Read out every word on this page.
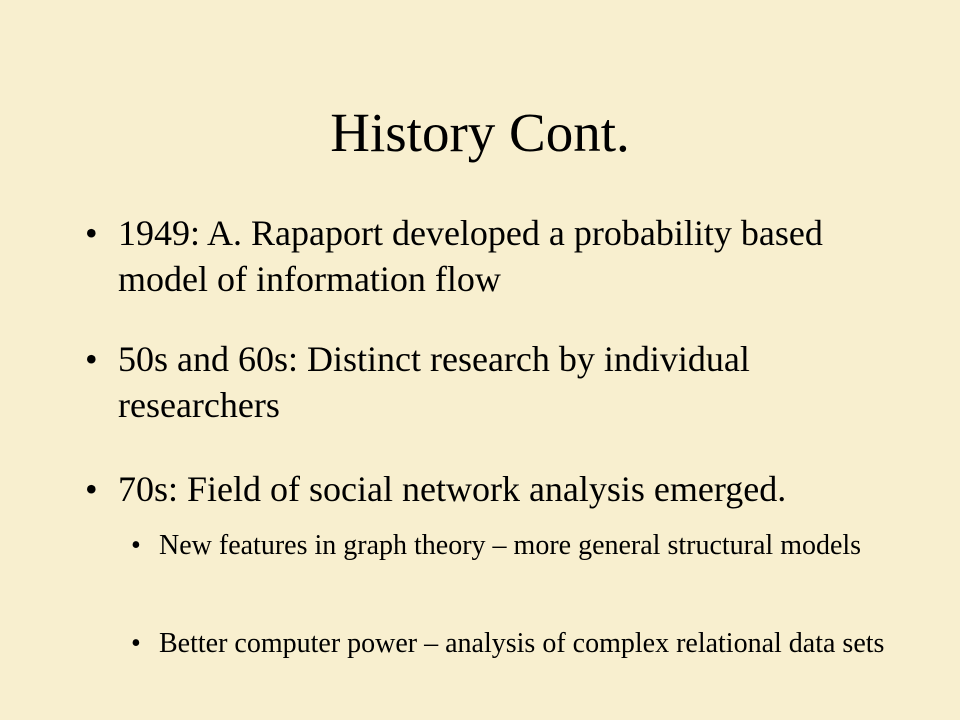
History Cont.
• 1949: A. Rapaport developed a probability based model of information flow
• 50s and 60s: Distinct research by individual researchers
• 70s: Field of social network analysis emerged.
• New features in graph theory – more general structural models
• Better computer power – analysis of complex relational data sets
